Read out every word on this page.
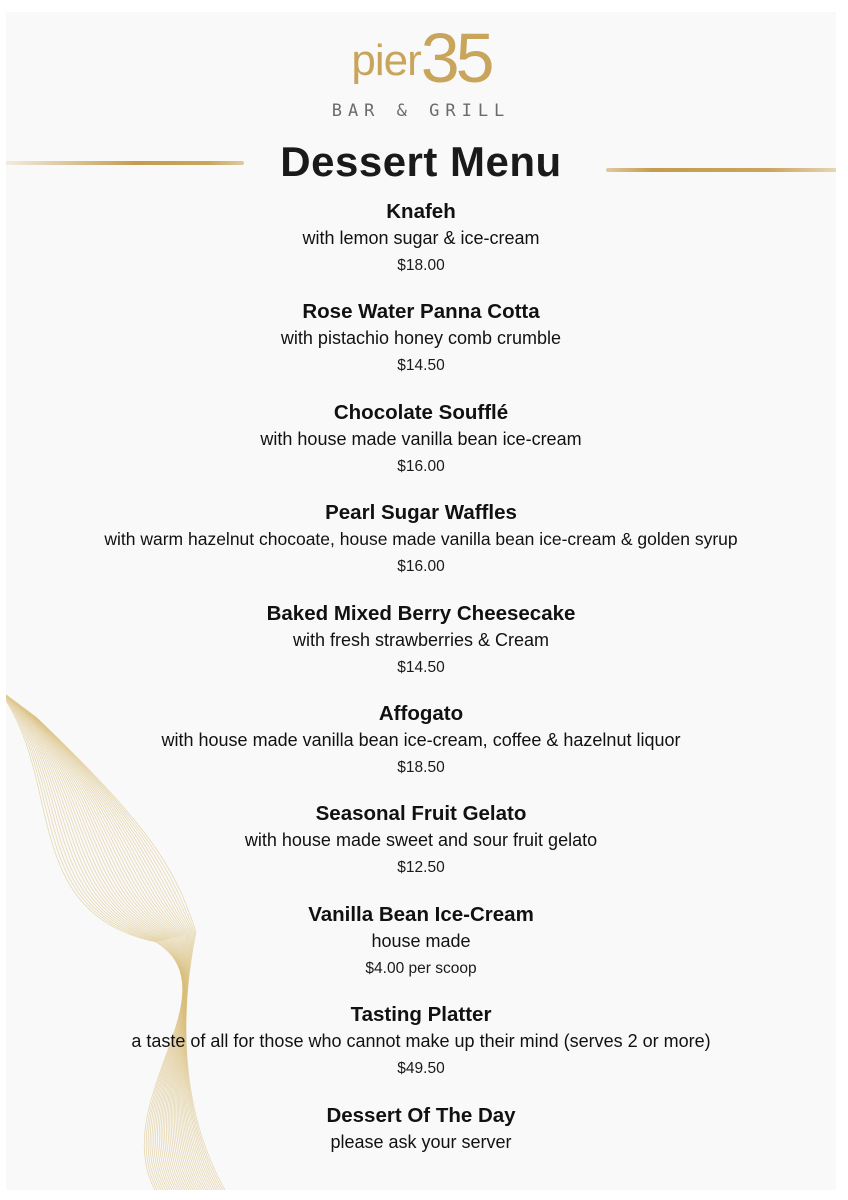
pier35
BAR & GRILL
Dessert Menu
Knafeh
with lemon sugar & ice-cream
$18.00
Rose Water Panna Cotta
with pistachio honey comb crumble
$14.50
Chocolate Soufflé
with house made vanilla bean ice-cream
$16.00
Pearl Sugar Waffles
with warm hazelnut chocoate, house made vanilla bean ice-cream & golden syrup
$16.00
Baked Mixed Berry Cheesecake
with fresh strawberries & Cream
$14.50
Affogato
with house made vanilla bean ice-cream, coffee & hazelnut liquor
$18.50
Seasonal Fruit Gelato
with house made sweet and sour fruit gelato
$12.50
Vanilla Bean Ice-Cream
house made
$4.00 per scoop
Tasting Platter
a taste of all for those who cannot make up their mind (serves 2 or more)
$49.50
Dessert Of The Day
please ask your server
